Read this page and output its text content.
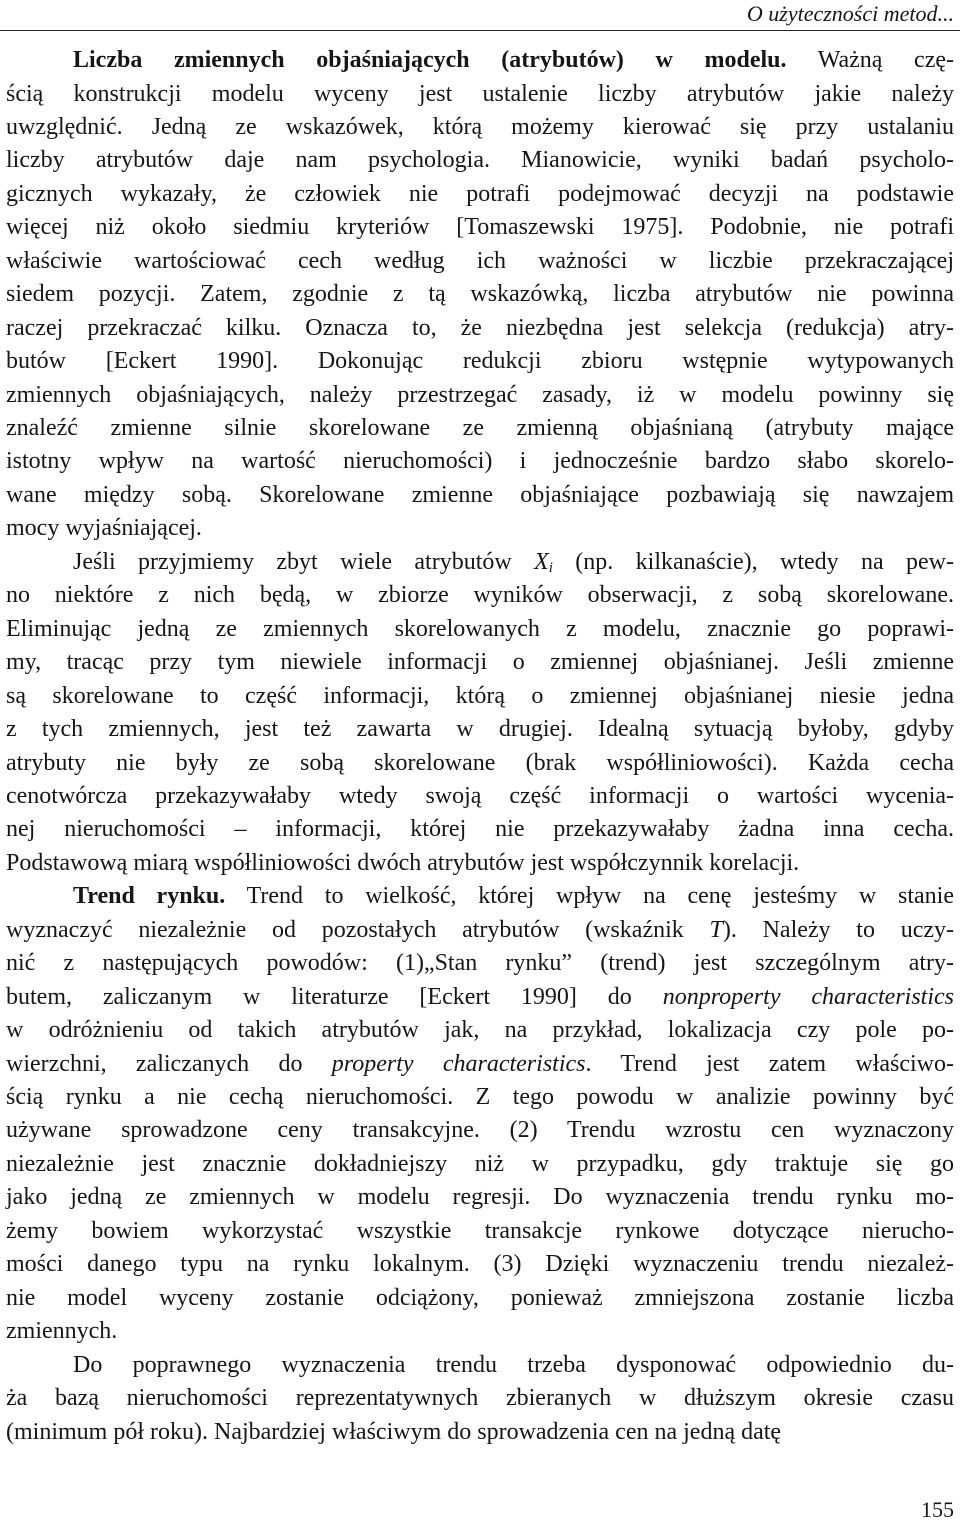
O użyteczności metod...
Liczba zmiennych objaśniających (atrybutów) w modelu. Ważną czę-
ścią konstrukcji modelu wyceny jest ustalenie liczby atrybutów jakie należy
uwzględnić. Jedną ze wskazówek, którą możemy kierować się przy ustalaniu
liczby atrybutów daje nam psychologia. Mianowicie, wyniki badań psycholo-
gicznych wykazały, że człowiek nie potrafi podejmować decyzji na podstawie
więcej niż około siedmiu kryteriów [Tomaszewski 1975]. Podobnie, nie potrafi
właściwie wartościować cech według ich ważności w liczbie przekraczającej
siedem pozycji. Zatem, zgodnie z tą wskazówką, liczba atrybutów nie powinna
raczej przekraczać kilku. Oznacza to, że niezbędna jest selekcja (redukcja) atry-
butów [Eckert 1990]. Dokonując redukcji zbioru wstępnie wytypowanych
zmiennych objaśniających, należy przestrzegać zasady, iż w modelu powinny się
znaleźć zmienne silnie skorelowane ze zmienną objaśnianą (atrybuty mające
istotny wpływ na wartość nieruchomości) i jednocześnie bardzo słabo skorelo-
wane między sobą. Skorelowane zmienne objaśniające pozbawiają się nawzajem
mocy wyjaśniającej.
Jeśli przyjmiemy zbyt wiele atrybutów $X_i$ (np. kilkanaście), wtedy na pew-
no niektóre z nich będą, w zbiorze wyników obserwacji, z sobą skorelowane.
Eliminując jedną ze zmiennych skorelowanych z modelu, znacznie go poprawi-
my, tracąc przy tym niewiele informacji o zmiennej objaśnianej. Jeśli zmienne
są skorelowane to część informacji, którą o zmiennej objaśnianej niesie jedna
z tych zmiennych, jest też zawarta w drugiej. Idealną sytuacją byłoby, gdyby
atrybuty nie były ze sobą skorelowane (brak współliniowości). Każda cecha
cenotwórcza przekazywałaby wtedy swoją część informacji o wartości wycenia-
nej nieruchomości – informacji, której nie przekazywałaby żadna inna cecha.
Podstawową miarą współliniowości dwóch atrybutów jest współczynnik korelacji.
Trend rynku. Trend to wielkość, której wpływ na cenę jesteśmy w stanie
wyznaczyć niezależnie od pozostałych atrybutów (wskaźnik T). Należy to uczy-
nić z następujących powodów: (1)„Stan rynku” (trend) jest szczególnym atry-
butem, zaliczanym w literaturze [Eckert 1990] do nonproperty characteristics
w odróżnieniu od takich atrybutów jak, na przykład, lokalizacja czy pole po-
wierzchni, zaliczanych do property characteristics. Trend jest zatem właściwo-
ścią rynku a nie cechą nieruchomości. Z tego powodu w analizie powinny być
używane sprowadzone ceny transakcyjne. (2) Trendu wzrostu cen wyznaczony
niezależnie jest znacznie dokładniejszy niż w przypadku, gdy traktuje się go
jako jedną ze zmiennych w modelu regresji. Do wyznaczenia trendu rynku mo-
żemy bowiem wykorzystać wszystkie transakcje rynkowe dotyczące nierucho-
mości danego typu na rynku lokalnym. (3) Dzięki wyznaczeniu trendu niezależ-
nie model wyceny zostanie odciążony, ponieważ zmniejszona zostanie liczba
zmiennych.
Do poprawnego wyznaczenia trendu trzeba dysponować odpowiednio du-
ża bazą nieruchomości reprezentatywnych zbieranych w dłuższym okresie czasu
(minimum pół roku). Najbardziej właściwym do sprowadzenia cen na jedną datę
155
